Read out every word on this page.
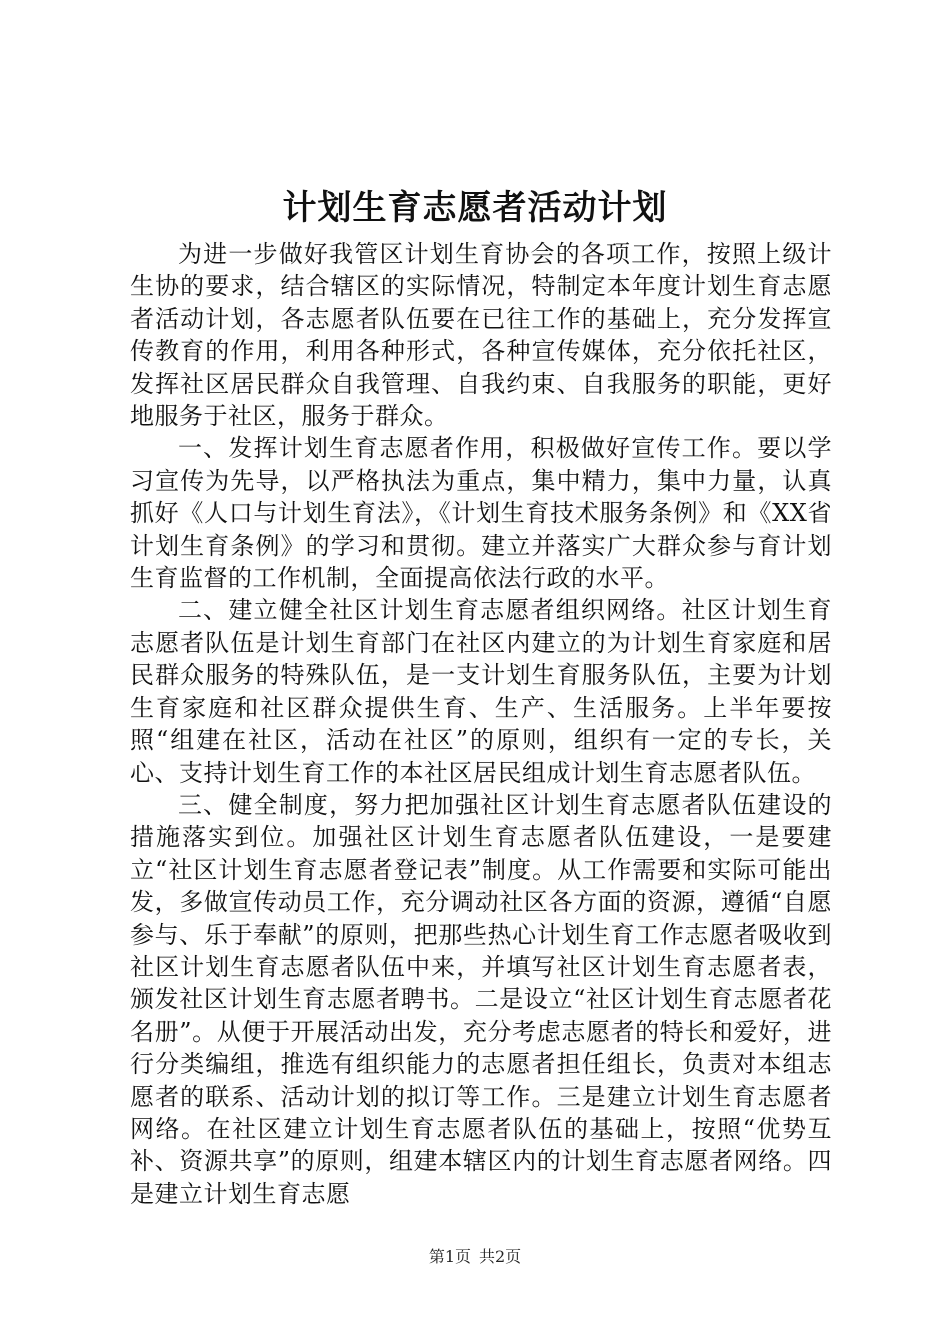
计划生育志愿者活动计划

为进一步做好我管区计划生育协会的各项工作，按照上级计生协的要求，结合辖区的实际情况，特制定本年度计划生育志愿者活动计划，各志愿者队伍要在已往工作的基础上，充分发挥宣传教育的作用，利用各种形式，各种宣传媒体，充分依托社区，发挥社区居民群众自我管理、自我约束、自我服务的职能，更好地服务于社区，服务于群众。

一、发挥计划生育志愿者作用，积极做好宣传工作。要以学习宣传为先导，以严格执法为重点，集中精力，集中力量，认真抓好《人口与计划生育法》，《计划生育技术服务条例》和《XX省计划生育条例》的学习和贯彻。建立并落实广大群众参与育计划生育监督的工作机制，全面提高依法行政的水平。

二、建立健全社区计划生育志愿者组织网络。社区计划生育志愿者队伍是计划生育部门在社区内建立的为计划生育家庭和居民群众服务的特殊队伍，是一支计划生育服务队伍，主要为计划生育家庭和社区群众提供生育、生产、生活服务。上半年要按照“组建在社区，活动在社区”的原则，组织有一定的专长，关心、支持计划生育工作的本社区居民组成计划生育志愿者队伍。

三、健全制度，努力把加强社区计划生育志愿者队伍建设的措施落实到位。加强社区计划生育志愿者队伍建设，一是要建立“社区计划生育志愿者登记表”制度。从工作需要和实际可能出发，多做宣传动员工作，充分调动社区各方面的资源，遵循“自愿参与、乐于奉献”的原则，把那些热心计划生育工作志愿者吸收到社区计划生育志愿者队伍中来，并填写社区计划生育志愿者表，颁发社区计划生育志愿者聘书。二是设立“社区计划生育志愿者花名册”。从便于开展活动出发，充分考虑志愿者的特长和爱好，进行分类编组，推选有组织能力的志愿者担任组长，负责对本组志愿者的联系、活动计划的拟订等工作。三是建立计划生育志愿者网络。在社区建立计划生育志愿者队伍的基础上，按照“优势互补、资源共享”的原则，组建本辖区内的计划生育志愿者网络。四是建立计划生育志愿

第1页 共2页
